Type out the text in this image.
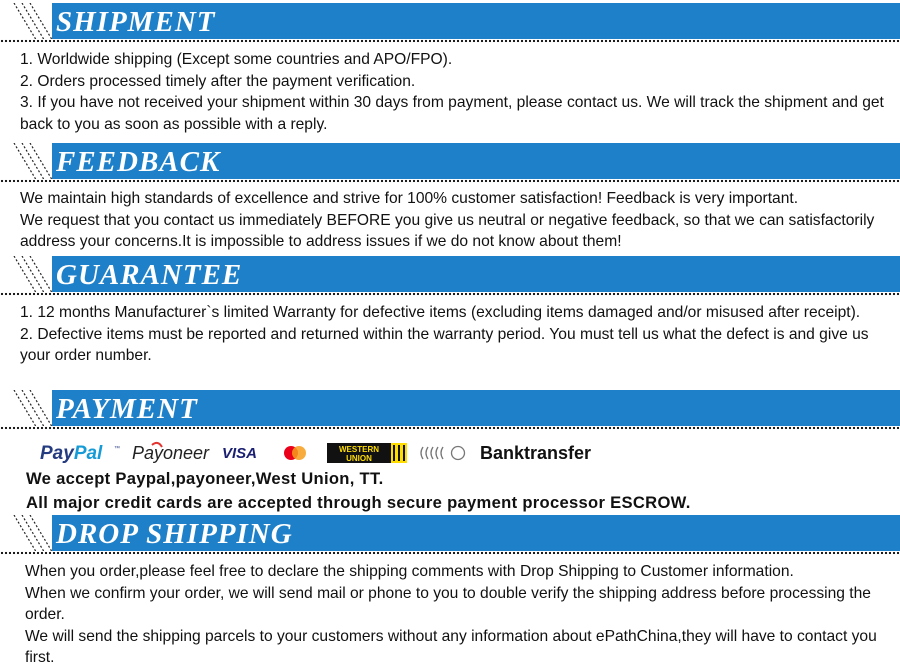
SHIPMENT

1. Worldwide shipping (Except some countries and APO/FPO).

2. Orders processed timely after the payment verification.

3. If you have not received your shipment within 30 days from payment, please contact us. We will track the shipment and get back to you as soon as possible with a reply.

FEEDBACK

We maintain high standards of excellence and strive for 100% customer satisfaction! Feedback is very important.

We request that you contact us immediately BEFORE you give us neutral or negative feedback, so that we can satisfactorily address your concerns.It is impossible to address issues if we do not know about them!

GUARANTEE

1. 12 months Manufacturer`s limited Warranty for defective items (excluding items damaged and/or misused after receipt).

2. Defective items must be reported and returned within the warranty period. You must tell us what the defect is and give us your order number.

PAYMENT
PayPal ™ Payoneer VISA	WESTERN
UNION	Banktransfer

We accept Paypal,payoneer,West Union, TT.

All major credit cards are accepted through secure payment processor ESCROW.

DROP SHIPPING

When you order,please feel free to declare the shipping comments with Drop Shipping to Customer information.

When we confirm your order, we will send mail or phone to you to double verify the shipping address before processing the order.

We will send the shipping parcels to your customers without any information about ePathChina,they will have to contact you first.
